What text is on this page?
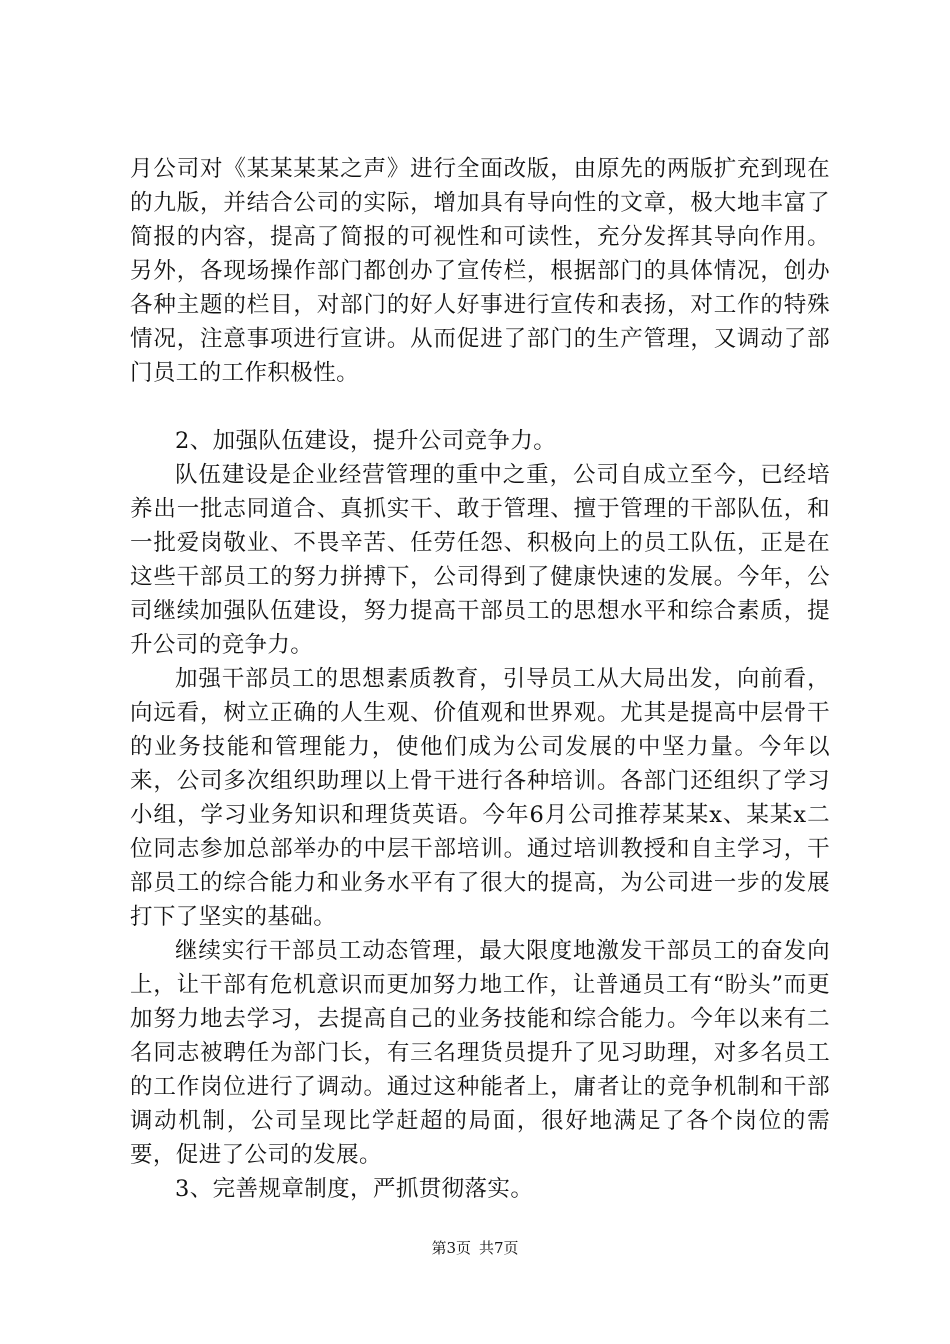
月公司对《某某某某之声》进行全面改版，由原先的两版扩充到现在的九版，并结合公司的实际，增加具有导向性的文章，极大地丰富了简报的内容，提高了简报的可视性和可读性，充分发挥其导向作用。另外，各现场操作部门都创办了宣传栏，根据部门的具体情况，创办各种主题的栏目，对部门的好人好事进行宣传和表扬，对工作的特殊情况，注意事项进行宣讲。从而促进了部门的生产管理，又调动了部门员工的工作积极性。

2、加强队伍建设，提升公司竞争力。

队伍建设是企业经营管理的重中之重，公司自成立至今，已经培养出一批志同道合、真抓实干、敢于管理、擅于管理的干部队伍，和一批爱岗敬业、不畏辛苦、任劳任怨、积极向上的员工队伍，正是在这些干部员工的努力拼搏下，公司得到了健康快速的发展。今年，公司继续加强队伍建设，努力提高干部员工的思想水平和综合素质，提升公司的竞争力。

加强干部员工的思想素质教育，引导员工从大局出发，向前看，向远看，树立正确的人生观、价值观和世界观。尤其是提高中层骨干的业务技能和管理能力，使他们成为公司发展的中坚力量。今年以来，公司多次组织助理以上骨干进行各种培训。各部门还组织了学习小组，学习业务知识和理货英语。今年6月公司推荐某某x、某某x二位同志参加总部举办的中层干部培训。通过培训教授和自主学习，干部员工的综合能力和业务水平有了很大的提高，为公司进一步的发展打下了坚实的基础。

继续实行干部员工动态管理，最大限度地激发干部员工的奋发向上，让干部有危机意识而更加努力地工作，让普通员工有“盼头”而更加努力地去学习，去提高自己的业务技能和综合能力。今年以来有二名同志被聘任为部门长，有三名理货员提升了见习助理，对多名员工的工作岗位进行了调动。通过这种能者上，庸者让的竞争机制和干部调动机制，公司呈现比学赶超的局面，很好地满足了各个岗位的需要，促进了公司的发展。

3、完善规章制度，严抓贯彻落实。

第3页 共7页
